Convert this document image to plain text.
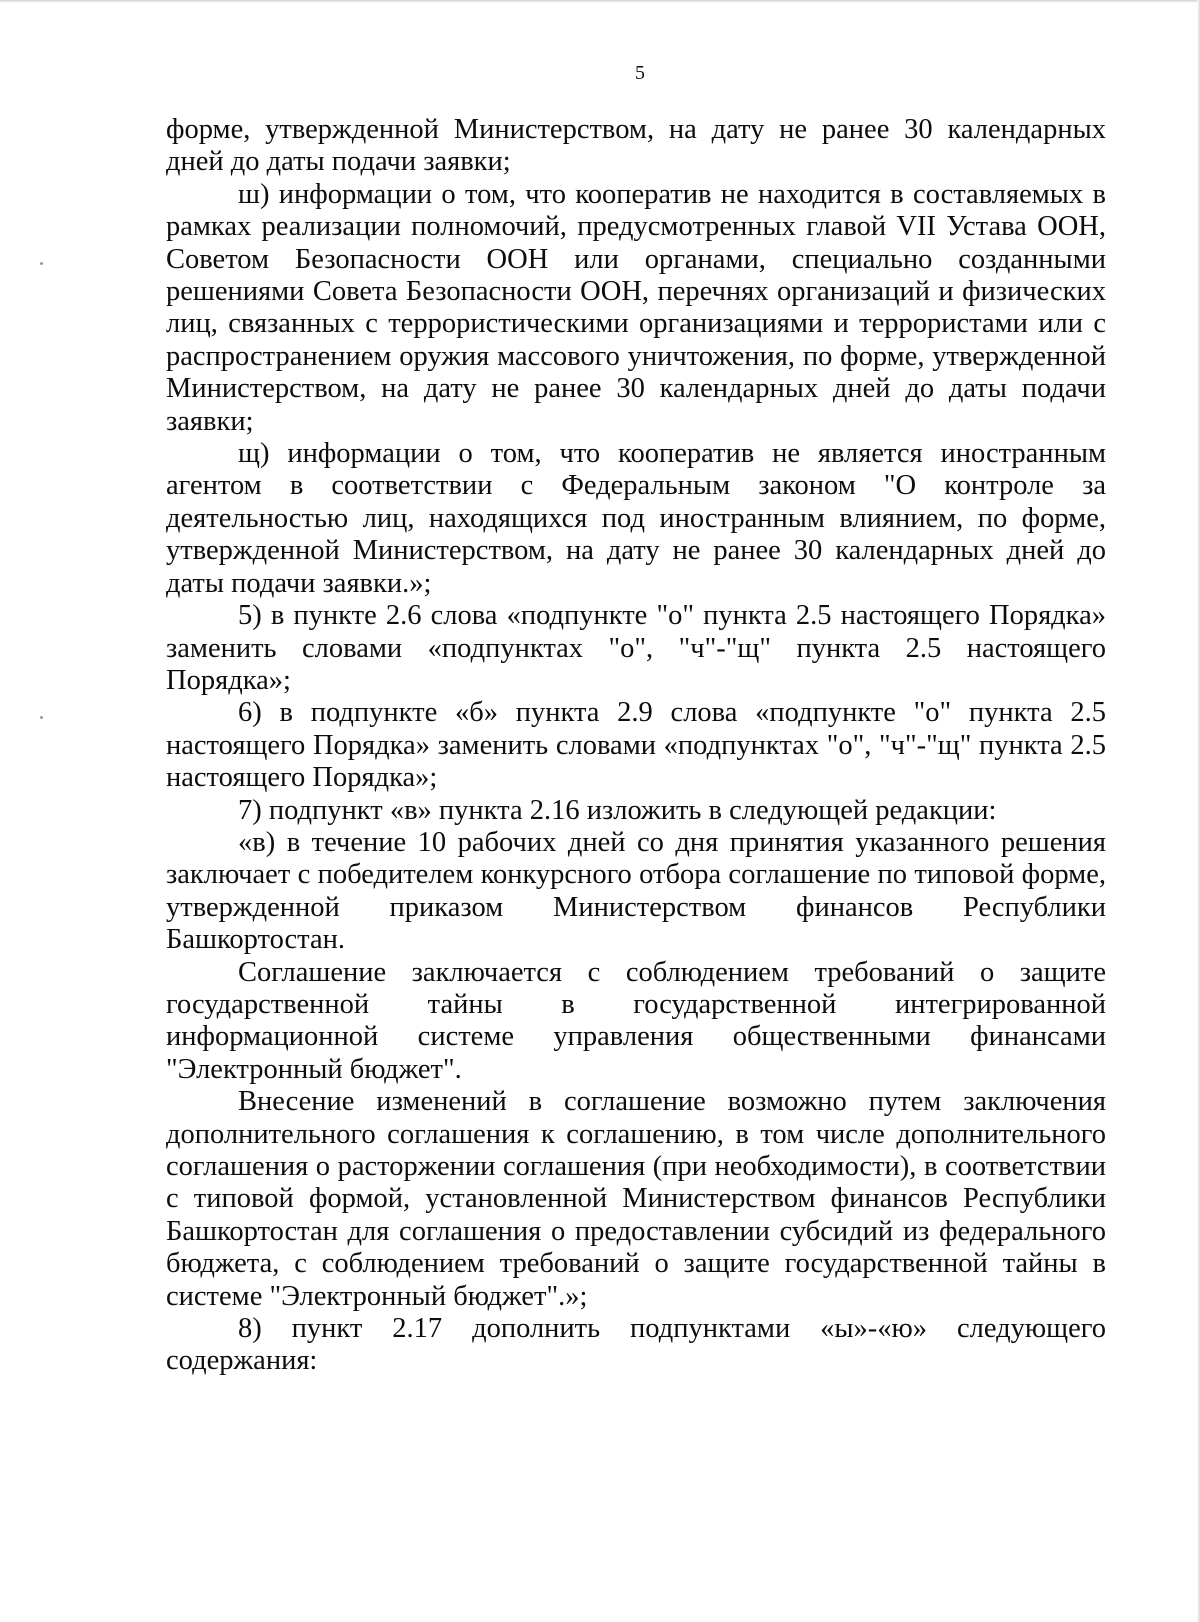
5

форме, утвержденной Министерством, на дату не ранее 30 календарных дней до даты подачи заявки;

ш) информации о том, что кооператив не находится в составляемых в рамках реализации полномочий, предусмотренных главой VII Устава ООН, Советом Безопасности ООН или органами, специально созданными решениями Совета Безопасности ООН, перечнях организаций и физических лиц, связанных с террористическими организациями и террористами или с распространением оружия массового уничтожения, по форме, утвержденной Министерством, на дату не ранее 30 календарных дней до даты подачи заявки;

щ) информации о том, что кооператив не является иностранным агентом в соответствии с Федеральным законом "О контроле за деятельностью лиц, находящихся под иностранным влиянием, по форме, утвержденной Министерством, на дату не ранее 30 календарных дней до даты подачи заявки.»;

5) в пункте 2.6 слова «подпункте "о" пункта 2.5 настоящего Порядка» заменить словами «подпунктах "о", "ч"-"щ" пункта 2.5 настоящего Порядка»;

6) в подпункте «б» пункта 2.9 слова «подпункте "о" пункта 2.5 настоящего Порядка» заменить словами «подпунктах "о", "ч"-"щ" пункта 2.5 настоящего Порядка»;

7) подпункт «в» пункта 2.16 изложить в следующей редакции:

«в) в течение 10 рабочих дней со дня принятия указанного решения заключает с победителем конкурсного отбора соглашение по типовой форме, утвержденной приказом Министерством финансов Республики Башкортостан.

Соглашение заключается с соблюдением требований о защите государственной тайны в государственной интегрированной информационной системе управления общественными финансами "Электронный бюджет".

Внесение изменений в соглашение возможно путем заключения дополнительного соглашения к соглашению, в том числе дополнительного соглашения о расторжении соглашения (при необходимости), в соответствии с типовой формой, установленной Министерством финансов Республики Башкортостан для соглашения о предоставлении субсидий из федерального бюджета, с соблюдением требований о защите государственной тайны в системе "Электронный бюджет".»;

8) пункт 2.17 дополнить подпунктами «ы»-«ю» следующего содержания:
